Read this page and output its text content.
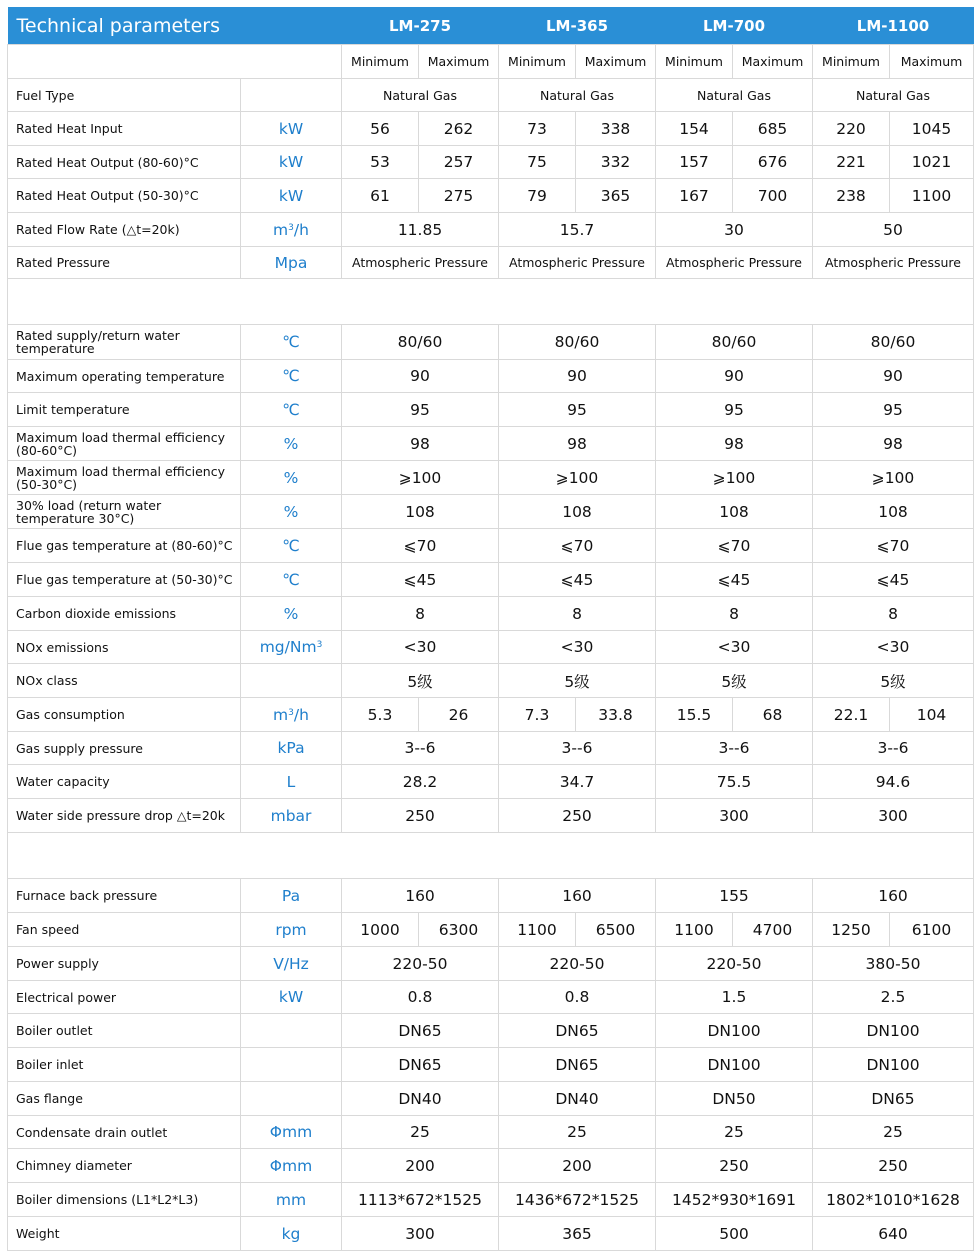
Technical parameters		LM-275		LM-365		LM-700		LM-1100	
		Minimum	Maximum	Minimum	Maximum	Minimum	Maximum	Minimum	Maximum
Fuel Type		Natural Gas		Natural Gas		Natural Gas		Natural Gas	
Rated Heat Input	kW	56	262	73	338	154	685	220	1045
Rated Heat Output (80-60)°C	kW	53	257	75	332	157	676	221	1021
Rated Heat Output (50-30)°C	kW	61	275	79	365	167	700	238	1100
Rated Flow Rate (△t=20k)	$m^3/h$	11.85		15.7		30		50	
Rated Pressure	Mpa	Atmospheric Pressure		Atmospheric Pressure		Atmospheric Pressure		Atmospheric Pressure	

Rated supply/return water temperature	℃	80/60		80/60		80/60		80/60	
Maximum operating temperature	℃	90		90		90		90	
Limit temperature	℃	95		95		95		95	
Maximum load thermal efficiency (80-60°C)	%	98		98		98		98	
Maximum load thermal efficiency (50-30°C)	%	⩾100		⩾100		⩾100		⩾100	
30% load (return water temperature 30°C)	%	108		108		108		108	
Flue gas temperature at (80-60)°C	℃	⩽70		⩽70		⩽70		⩽70	
Flue gas temperature at (50-30)°C	℃	⩽45		⩽45		⩽45		⩽45	
Carbon dioxide emissions	%	8		8		8		8	
NOx emissions	$mg/Nm^3$	<30		<30		<30		<30	
NOx class		5级		5级		5级		5级	
Gas consumption	$m^3/h$	5.3	26	7.3	33.8	15.5	68	22.1	104
Gas supply pressure	kPa	3--6		3--6		3--6		3--6	
Water capacity	L	28.2		34.7		75.5		94.6	
Water side pressure drop △t=20k	mbar	250		250		300		300	

Furnace back pressure	Pa	160		160		155		160	
Fan speed	rpm	1000	6300	1100	6500	1100	4700	1250	6100
Power supply	V/Hz	220-50		220-50		220-50		380-50	
Electrical power	kW	0.8		0.8		1.5		2.5	
Boiler outlet		DN65		DN65		DN100		DN100	
Boiler inlet		DN65		DN65		DN100		DN100	
Gas flange		DN40		DN40		DN50		DN65	
Condensate drain outlet	Φmm	25		25		25		25	
Chimney diameter	Φmm	200		200		250		250	
Boiler dimensions (L1*L2*L3)	mm	1113*672*1525		1436*672*1525		1452*930*1691		1802*1010*1628	
Weight	kg	300		365		500		640	
